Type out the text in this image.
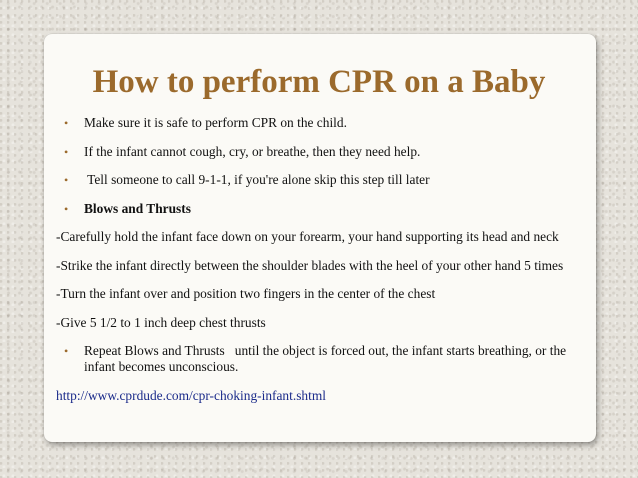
How to perform CPR on a Baby
•	Make sure it is safe to perform CPR on the child.
•	If the infant cannot cough, cry, or breathe, then they need help.
•	Tell someone to call 9-1-1, if you're alone skip this step till later
•	Blows and Thrusts
-Carefully hold the infant face down on your forearm, your hand supporting its head and neck
-Strike the infant directly between the shoulder blades with the heel of your other hand 5 times
-Turn the infant over and position two fingers in the center of the chest
-Give 5 1/2 to 1 inch deep chest thrusts
•	Repeat Blows and Thrusts   until the object is forced out, the infant starts breathing, or the infant becomes unconscious.
http://www.cprdude.com/cpr-choking-infant.shtml
